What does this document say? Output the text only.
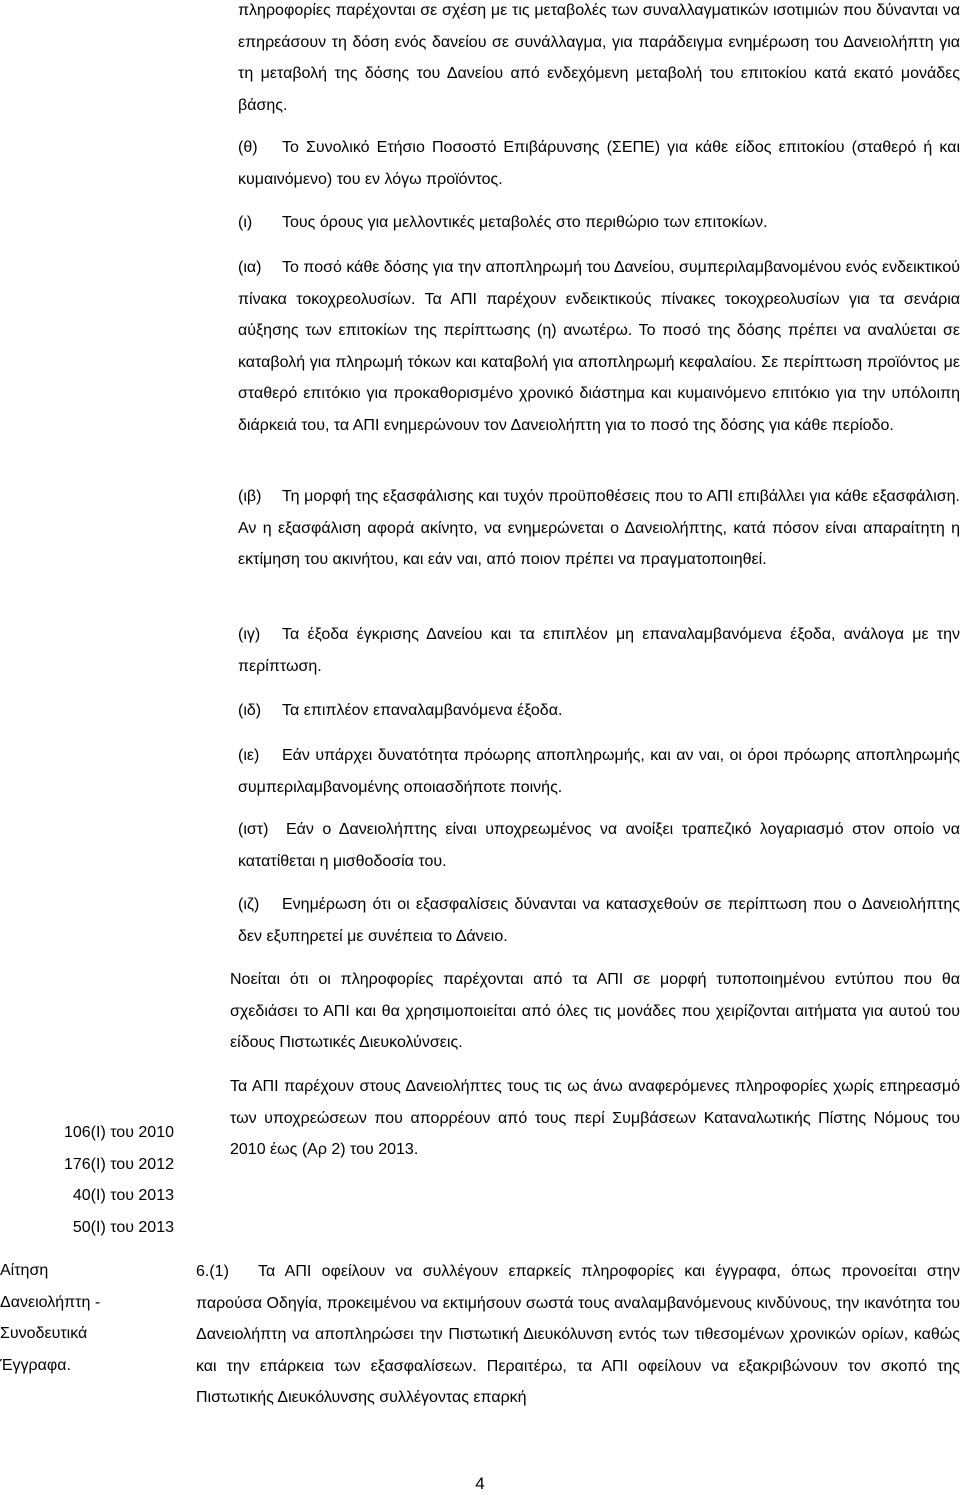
πληροφορίες παρέχονται σε σχέση με τις μεταβολές των συναλλαγματικών ισοτιμιών που δύνανται να επηρεάσουν τη δόση ενός δανείου σε συνάλλαγμα, για παράδειγμα ενημέρωση του Δανειολήπτη για τη μεταβολή της δόσης του Δανείου από ενδεχόμενη μεταβολή του επιτοκίου κατά εκατό μονάδες βάσης.

(θ) Το Συνολικό Ετήσιο Ποσοστό Επιβάρυνσης (ΣΕΠΕ) για κάθε είδος επιτοκίου (σταθερό ή και κυμαινόμενο) του εν λόγω προϊόντος.

(ι) Τους όρους για μελλοντικές μεταβολές στο περιθώριο των επιτοκίων.

(ια) Το ποσό κάθε δόσης για την αποπληρωμή του Δανείου, συμπεριλαμβανομένου ενός ενδεικτικού πίνακα τοκοχρεολυσίων. Τα ΑΠΙ παρέχουν ενδεικτικούς πίνακες τοκοχρεολυσίων για τα σενάρια αύξησης των επιτοκίων της περίπτωσης (η) ανωτέρω. Το ποσό της δόσης πρέπει να αναλύεται σε καταβολή για πληρωμή τόκων και καταβολή για αποπληρωμή κεφαλαίου. Σε περίπτωση προϊόντος με σταθερό επιτόκιο για προκαθορισμένο χρονικό διάστημα και κυμαινόμενο επιτόκιο για την υπόλοιπη διάρκειά του, τα ΑΠΙ ενημερώνουν τον Δανειολήπτη για το ποσό της δόσης για κάθε περίοδο.

(ιβ) Τη μορφή της εξασφάλισης και τυχόν προϋποθέσεις που το ΑΠΙ επιβάλλει για κάθε εξασφάλιση. Αν η εξασφάλιση αφορά ακίνητο, να ενημερώνεται ο Δανειολήπτης, κατά πόσον είναι απαραίτητη η εκτίμηση του ακινήτου, και εάν ναι, από ποιον πρέπει να πραγματοποιηθεί.

(ιγ) Τα έξοδα έγκρισης Δανείου και τα επιπλέον μη επαναλαμβανόμενα έξοδα, ανάλογα με την περίπτωση.

(ιδ) Τα επιπλέον επαναλαμβανόμενα έξοδα.

(ιε) Εάν υπάρχει δυνατότητα πρόωρης αποπληρωμής, και αν ναι, οι όροι πρόωρης αποπληρωμής συμπεριλαμβανομένης οποιασδήποτε ποινής.

(ιστ) Εάν ο Δανειολήπτης είναι υποχρεωμένος να ανοίξει τραπεζικό λογαριασμό στον οποίο να κατατίθεται η μισθοδοσία του.

(ιζ) Ενημέρωση ότι οι εξασφαλίσεις δύνανται να κατασχεθούν σε περίπτωση που ο Δανειολήπτης δεν εξυπηρετεί με συνέπεια το Δάνειο.

Νοείται ότι οι πληροφορίες παρέχονται από τα ΑΠΙ σε μορφή τυποποιημένου εντύπου που θα σχεδιάσει το ΑΠΙ και θα χρησιμοποιείται από όλες τις μονάδες που χειρίζονται αιτήματα για αυτού του είδους Πιστωτικές Διευκολύνσεις.

Τα ΑΠΙ παρέχουν στους Δανειολήπτες τους τις ως άνω αναφερόμενες πληροφορίες χωρίς επηρεασμό των υποχρεώσεων που απορρέουν από τους περί Συμβάσεων Καταναλωτικής Πίστης Νόμους του 2010 έως (Αρ 2) του 2013.

106(I) του 2010
176(I) του 2012
40(I) του 2013
50(I) του 2013
Αίτηση Δανειολήπτη - Συνοδευτικά Έγγραφα.

6.(1) Τα ΑΠΙ οφείλουν να συλλέγουν επαρκείς πληροφορίες και έγγραφα, όπως προνοείται στην παρούσα Οδηγία, προκειμένου να εκτιμήσουν σωστά τους αναλαμβανόμενους κινδύνους, την ικανότητα του Δανειολήπτη να αποπληρώσει την Πιστωτική Διευκόλυνση εντός των τιθεσομένων χρονικών ορίων, καθώς και την επάρκεια των εξασφαλίσεων. Περαιτέρω, τα ΑΠΙ οφείλουν να εξακριβώνουν τον σκοπό της Πιστωτικής Διευκόλυνσης συλλέγοντας επαρκή

4
